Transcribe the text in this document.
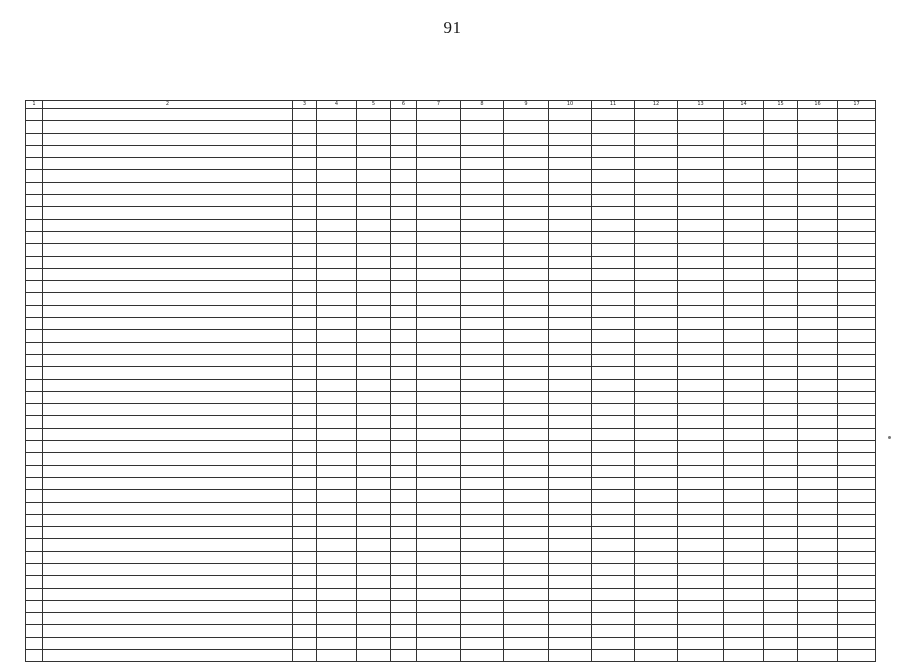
91
1	2	3	4	5	6	7	8	9	10	11	12	13	14	15	16	17
